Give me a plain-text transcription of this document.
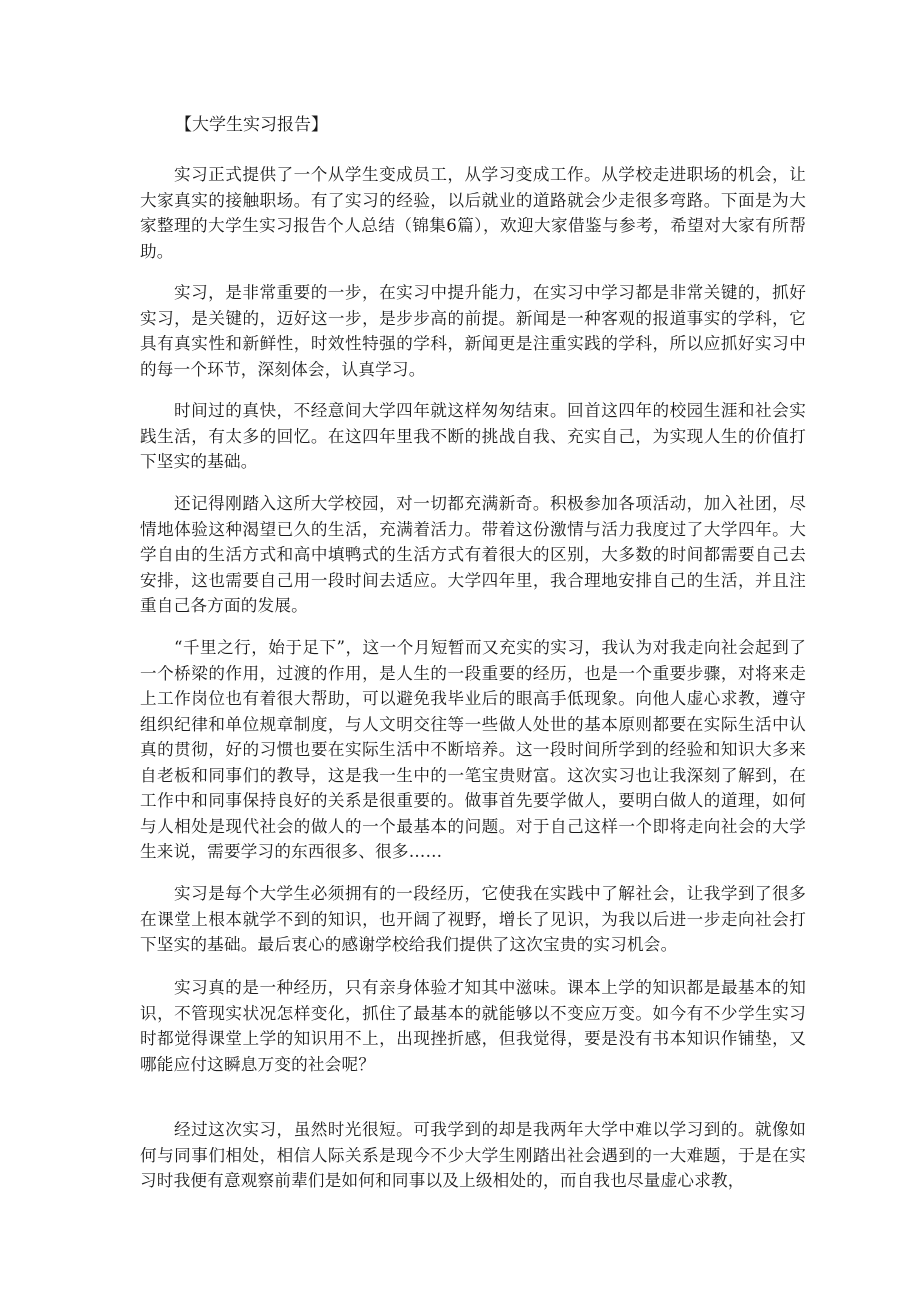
【大学生实习报告】

实习正式提供了一个从学生变成员工，从学习变成工作。从学校走进职场的机会，让大家真实的接触职场。有了实习的经验，以后就业的道路就会少走很多弯路。下面是为大家整理的大学生实习报告个人总结（锦集6篇），欢迎大家借鉴与参考，希望对大家有所帮助。

实习，是非常重要的一步，在实习中提升能力，在实习中学习都是非常关键的，抓好实习，是关键的，迈好这一步，是步步高的前提。新闻是一种客观的报道事实的学科，它具有真实性和新鲜性，时效性特强的学科，新闻更是注重实践的学科，所以应抓好实习中的每一个环节，深刻体会，认真学习。

时间过的真快，不经意间大学四年就这样匆匆结束。回首这四年的校园生涯和社会实践生活，有太多的回忆。在这四年里我不断的挑战自我、充实自己，为实现人生的价值打下坚实的基础。

还记得刚踏入这所大学校园，对一切都充满新奇。积极参加各项活动，加入社团，尽情地体验这种渴望已久的生活，充满着活力。带着这份激情与活力我度过了大学四年。大学自由的生活方式和高中填鸭式的生活方式有着很大的区别，大多数的时间都需要自己去安排，这也需要自己用一段时间去适应。大学四年里，我合理地安排自己的生活，并且注重自己各方面的发展。

“千里之行，始于足下”，这一个月短暂而又充实的实习，我认为对我走向社会起到了一个桥梁的作用，过渡的作用，是人生的一段重要的经历，也是一个重要步骤，对将来走上工作岗位也有着很大帮助，可以避免我毕业后的眼高手低现象。向他人虚心求教，遵守组织纪律和单位规章制度，与人文明交往等一些做人处世的基本原则都要在实际生活中认真的贯彻，好的习惯也要在实际生活中不断培养。这一段时间所学到的经验和知识大多来自老板和同事们的教导，这是我一生中的一笔宝贵财富。这次实习也让我深刻了解到，在工作中和同事保持良好的关系是很重要的。做事首先要学做人，要明白做人的道理，如何与人相处是现代社会的做人的一个最基本的问题。对于自己这样一个即将走向社会的大学生来说，需要学习的东西很多、很多……

实习是每个大学生必须拥有的一段经历，它使我在实践中了解社会，让我学到了很多在课堂上根本就学不到的知识，也开阔了视野，增长了见识，为我以后进一步走向社会打下坚实的基础。最后衷心的感谢学校给我们提供了这次宝贵的实习机会。

实习真的是一种经历，只有亲身体验才知其中滋味。课本上学的知识都是最基本的知识，不管现实状况怎样变化，抓住了最基本的就能够以不变应万变。如今有不少学生实习时都觉得课堂上学的知识用不上，出现挫折感，但我觉得，要是没有书本知识作铺垫，又哪能应付这瞬息万变的社会呢？

经过这次实习，虽然时光很短。可我学到的却是我两年大学中难以学习到的。就像如何与同事们相处，相信人际关系是现今不少大学生刚踏出社会遇到的一大难题，于是在实习时我便有意观察前辈们是如何和同事以及上级相处的，而自我也尽量虚心求教，
